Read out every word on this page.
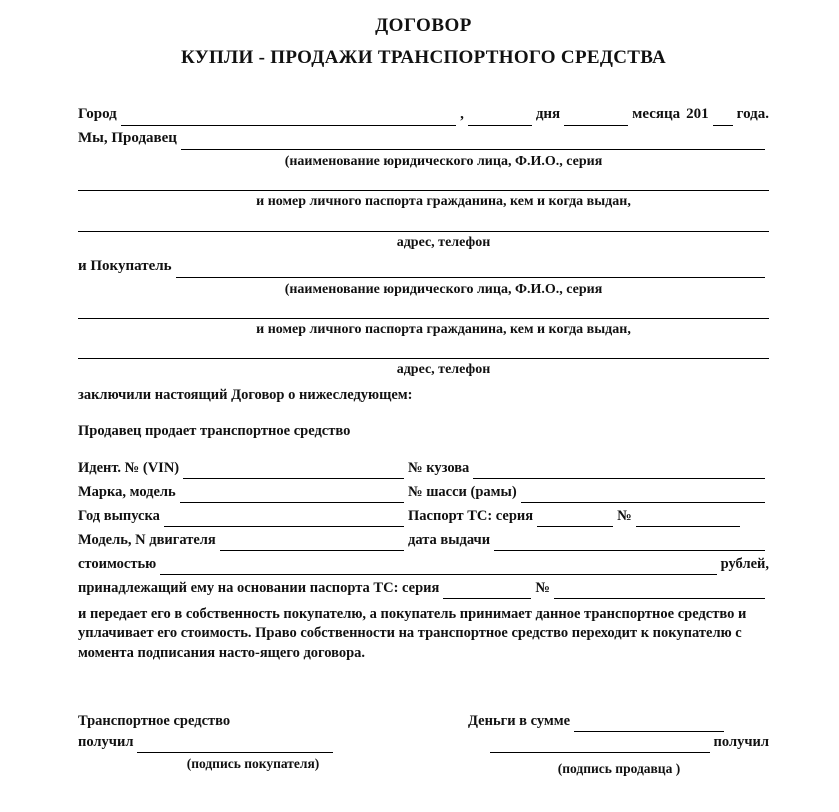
ДОГОВОР
КУПЛИ - ПРОДАЖИ ТРАНСПОРТНОГО СРЕДСТВА
Город	,	дня	месяца 201 года.
Мы, Продавец
(наименование юридического лица, Ф.И.О., серия
и номер личного паспорта гражданина, кем и когда выдан,
адрес, телефон
и Покупатель
(наименование юридического лица, Ф.И.О., серия
и номер личного паспорта гражданина, кем и когда выдан,
адрес, телефон
заключили настоящий Договор о нижеследующем:
Продавец продает транспортное средство
Идент. № (VIN)	№ кузова
Марка, модель	№ шасси (рамы)
Год выпуска	Паспорт ТС: серия	№
Модель, N двигателя	дата выдачи
стоимостью	рублей,
принадлежащий ему на основании паспорта ТС: серия	№
и передает его в собственность покупателю, а покупатель принимает данное транспортное средство и уплачивает его стоимость. Право собственности на транспортное средство переходит к покупателю с момента подписания насто-ящего договора.
Транспортное средство
получил
(подпись покупателя)
Деньги в сумме
получил
(подпись продавца )
